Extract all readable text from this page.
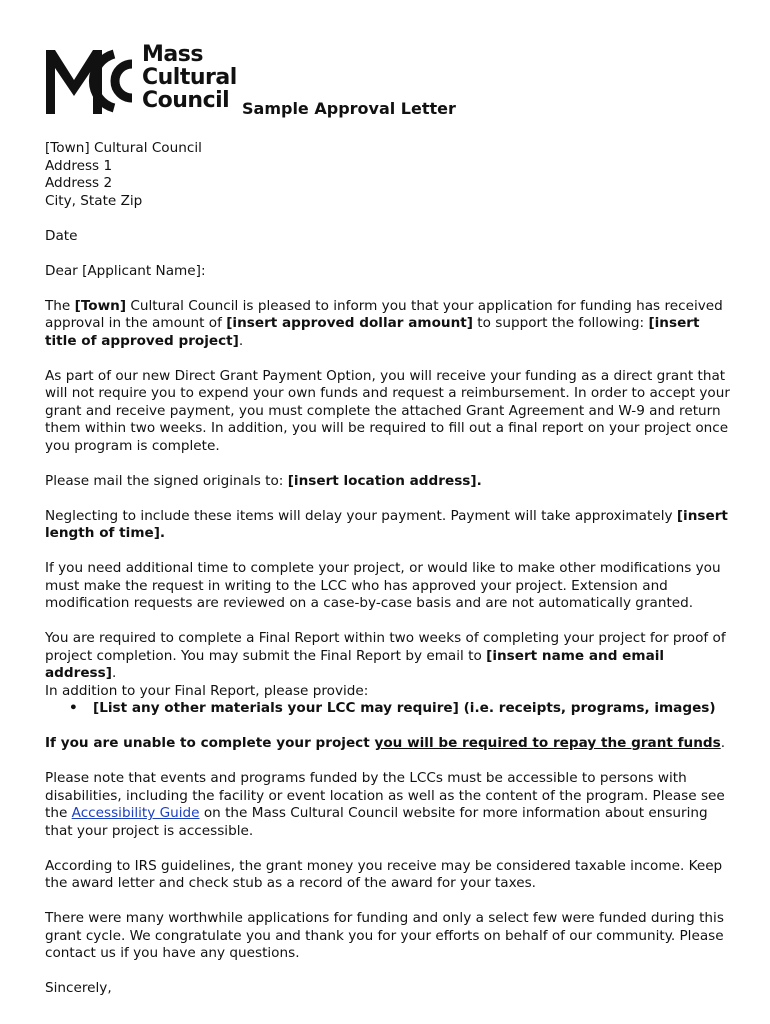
Mass
Cultural
Council Sample Approval Letter
[Town] Cultural Council
Address 1
Address 2
City, State Zip

Date

Dear [Applicant Name]:

The [Town] Cultural Council is pleased to inform you that your application for funding has received approval in the amount of [insert approved dollar amount] to support the following: [insert title of approved project].

As part of our new Direct Grant Payment Option, you will receive your funding as a direct grant that will not require you to expend your own funds and request a reimbursement. In order to accept your grant and receive payment, you must complete the attached Grant Agreement and W-9 and return them within two weeks. In addition, you will be required to fill out a final report on your project once you program is complete.

Please mail the signed originals to: [insert location address].

Neglecting to include these items will delay your payment. Payment will take approximately [insert length of time].

If you need additional time to complete your project, or would like to make other modifications you must make the request in writing to the LCC who has approved your project. Extension and modification requests are reviewed on a case-by-case basis and are not automatically granted.

You are required to complete a Final Report within two weeks of completing your project for proof of project completion. You may submit the Final Report by email to [insert name and email address].
In addition to your Final Report, please provide:

• [List any other materials your LCC may require] (i.e. receipts, programs, images)

If you are unable to complete your project you will be required to repay the grant funds.

Please note that events and programs funded by the LCCs must be accessible to persons with disabilities, including the facility or event location as well as the content of the program. Please see the Accessibility Guide on the Mass Cultural Council website for more information about ensuring that your project is accessible.

According to IRS guidelines, the grant money you receive may be considered taxable income. Keep the award letter and check stub as a record of the award for your taxes.

There were many worthwhile applications for funding and only a select few were funded during this grant cycle. We congratulate you and thank you for your efforts on behalf of our community. Please contact us if you have any questions.

Sincerely,
